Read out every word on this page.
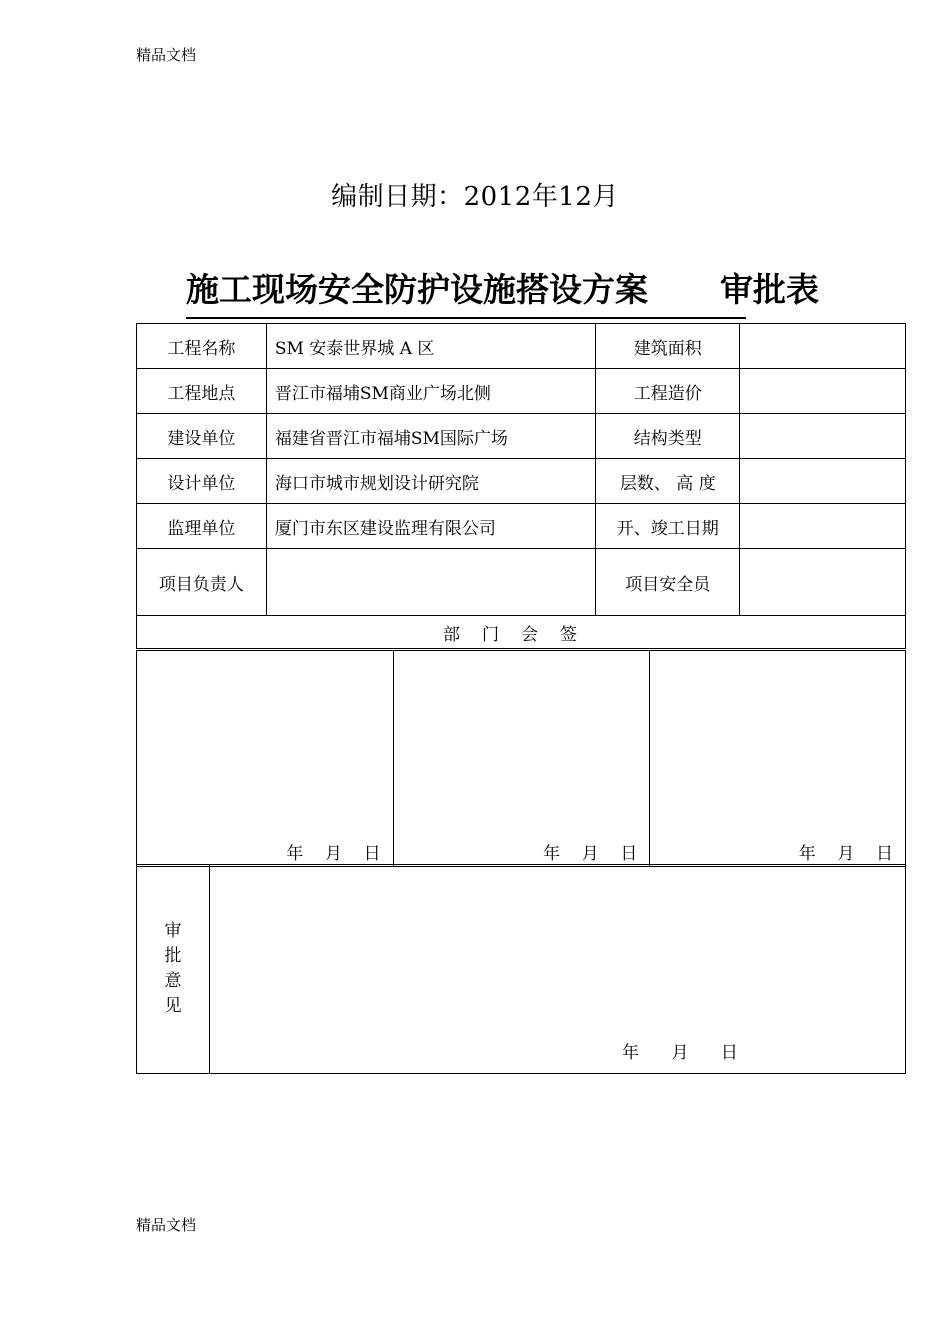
精品文档
编制日期：2012年12月
施工现场安全防护设施搭设方案 审批表
工程名称	SM 安泰世界城 A 区	建筑面积	
工程地点	晋江市福埔SM商业广场北侧	工程造价	
建设单位	福建省晋江市福埔SM国际广场	结构类型	
设计单位	海口市城市规划设计研究院	层数、 高 度	
监理单位	厦门市东区建设监理有限公司	开、竣工日期	
项目负责人		项目安全员	
部门会签			
年 月 日	年 月 日	年 月 日
审
批
意
见

年 月 日
精品文档
